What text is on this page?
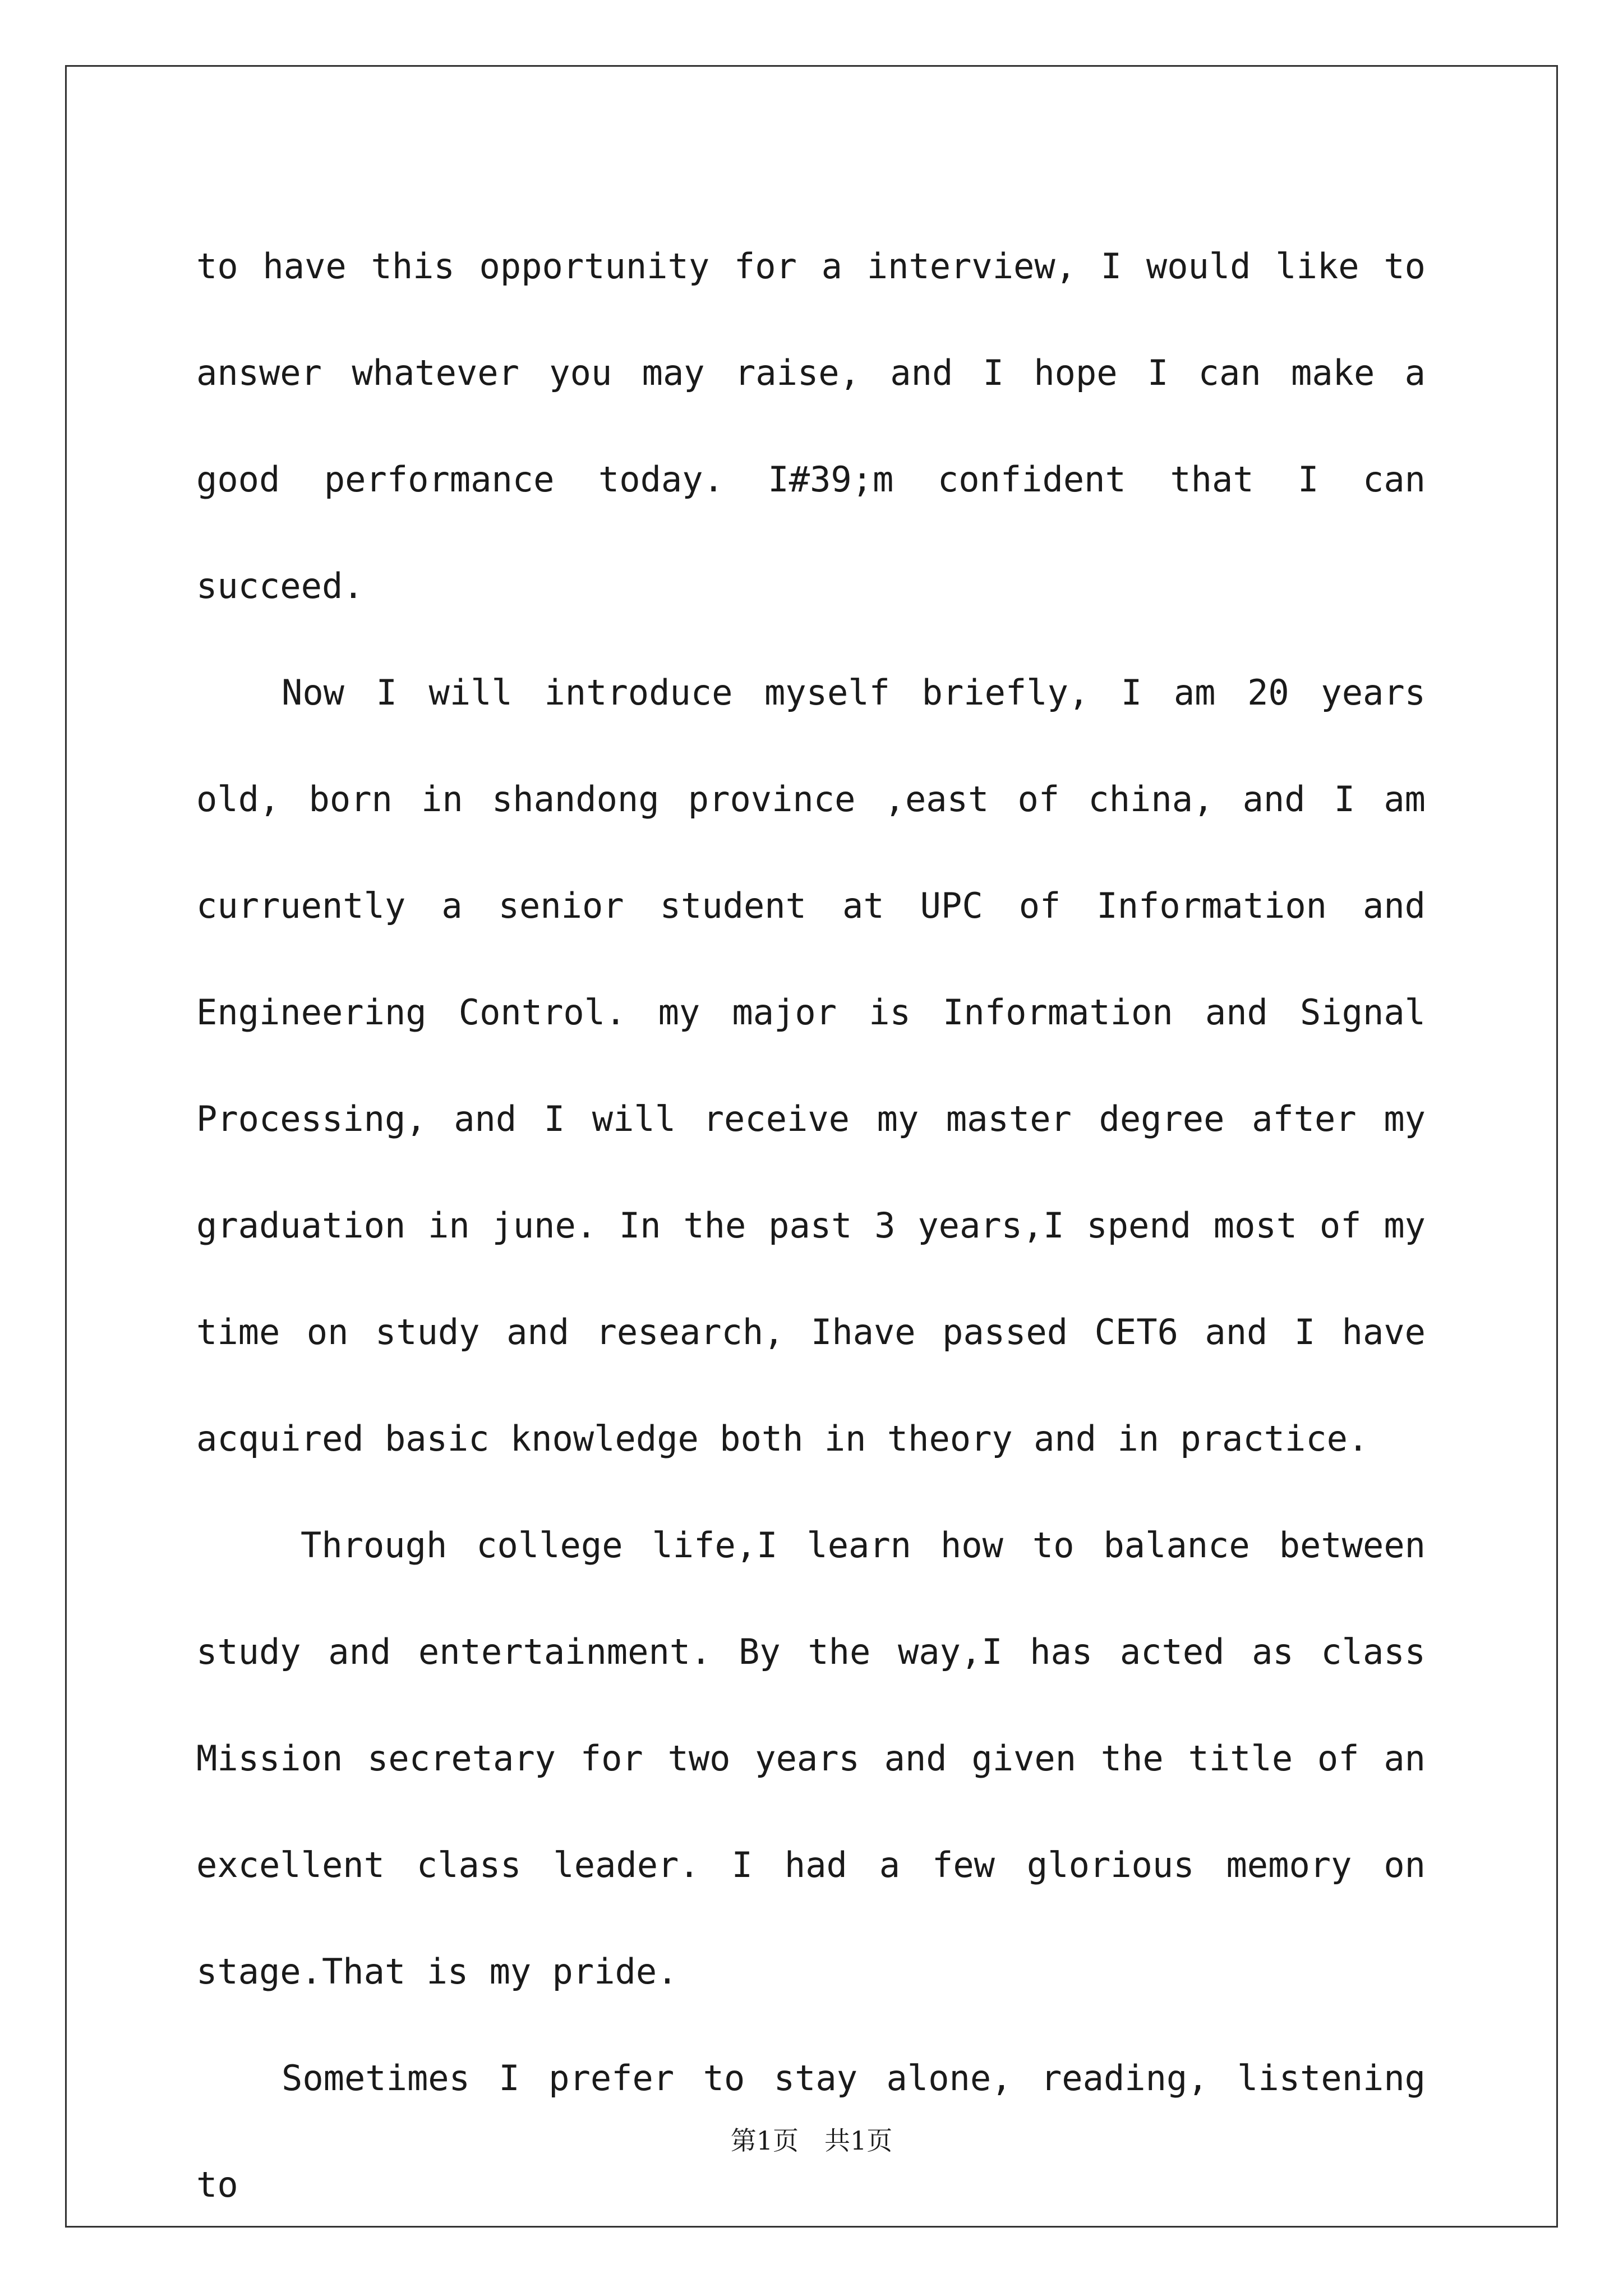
to have this opportunity for a interview, I would like to answer whatever you may raise, and I hope I can make a good performance today. I#39;m confident that I can succeed.

Now I will introduce myself briefly, I am 20 years old, born in shandong province ,east of china, and I am curruently a senior student at UPC of Information and Engineering Control. my major is Information and Signal Processing, and I will receive my master degree after my graduation in june. In the past 3 years,I spend most of my time on study and research, Ihave passed CET6 and I have acquired basic knowledge both in theory and in practice.

Through college life,I learn how to balance between study and entertainment. By the way,I has acted as class Mission secretary for two years and given the title of an excellent class leader. I had a few glorious memory on stage.That is my pride.

Sometimes I prefer to stay alone, reading, listening to

第1页　共1页
